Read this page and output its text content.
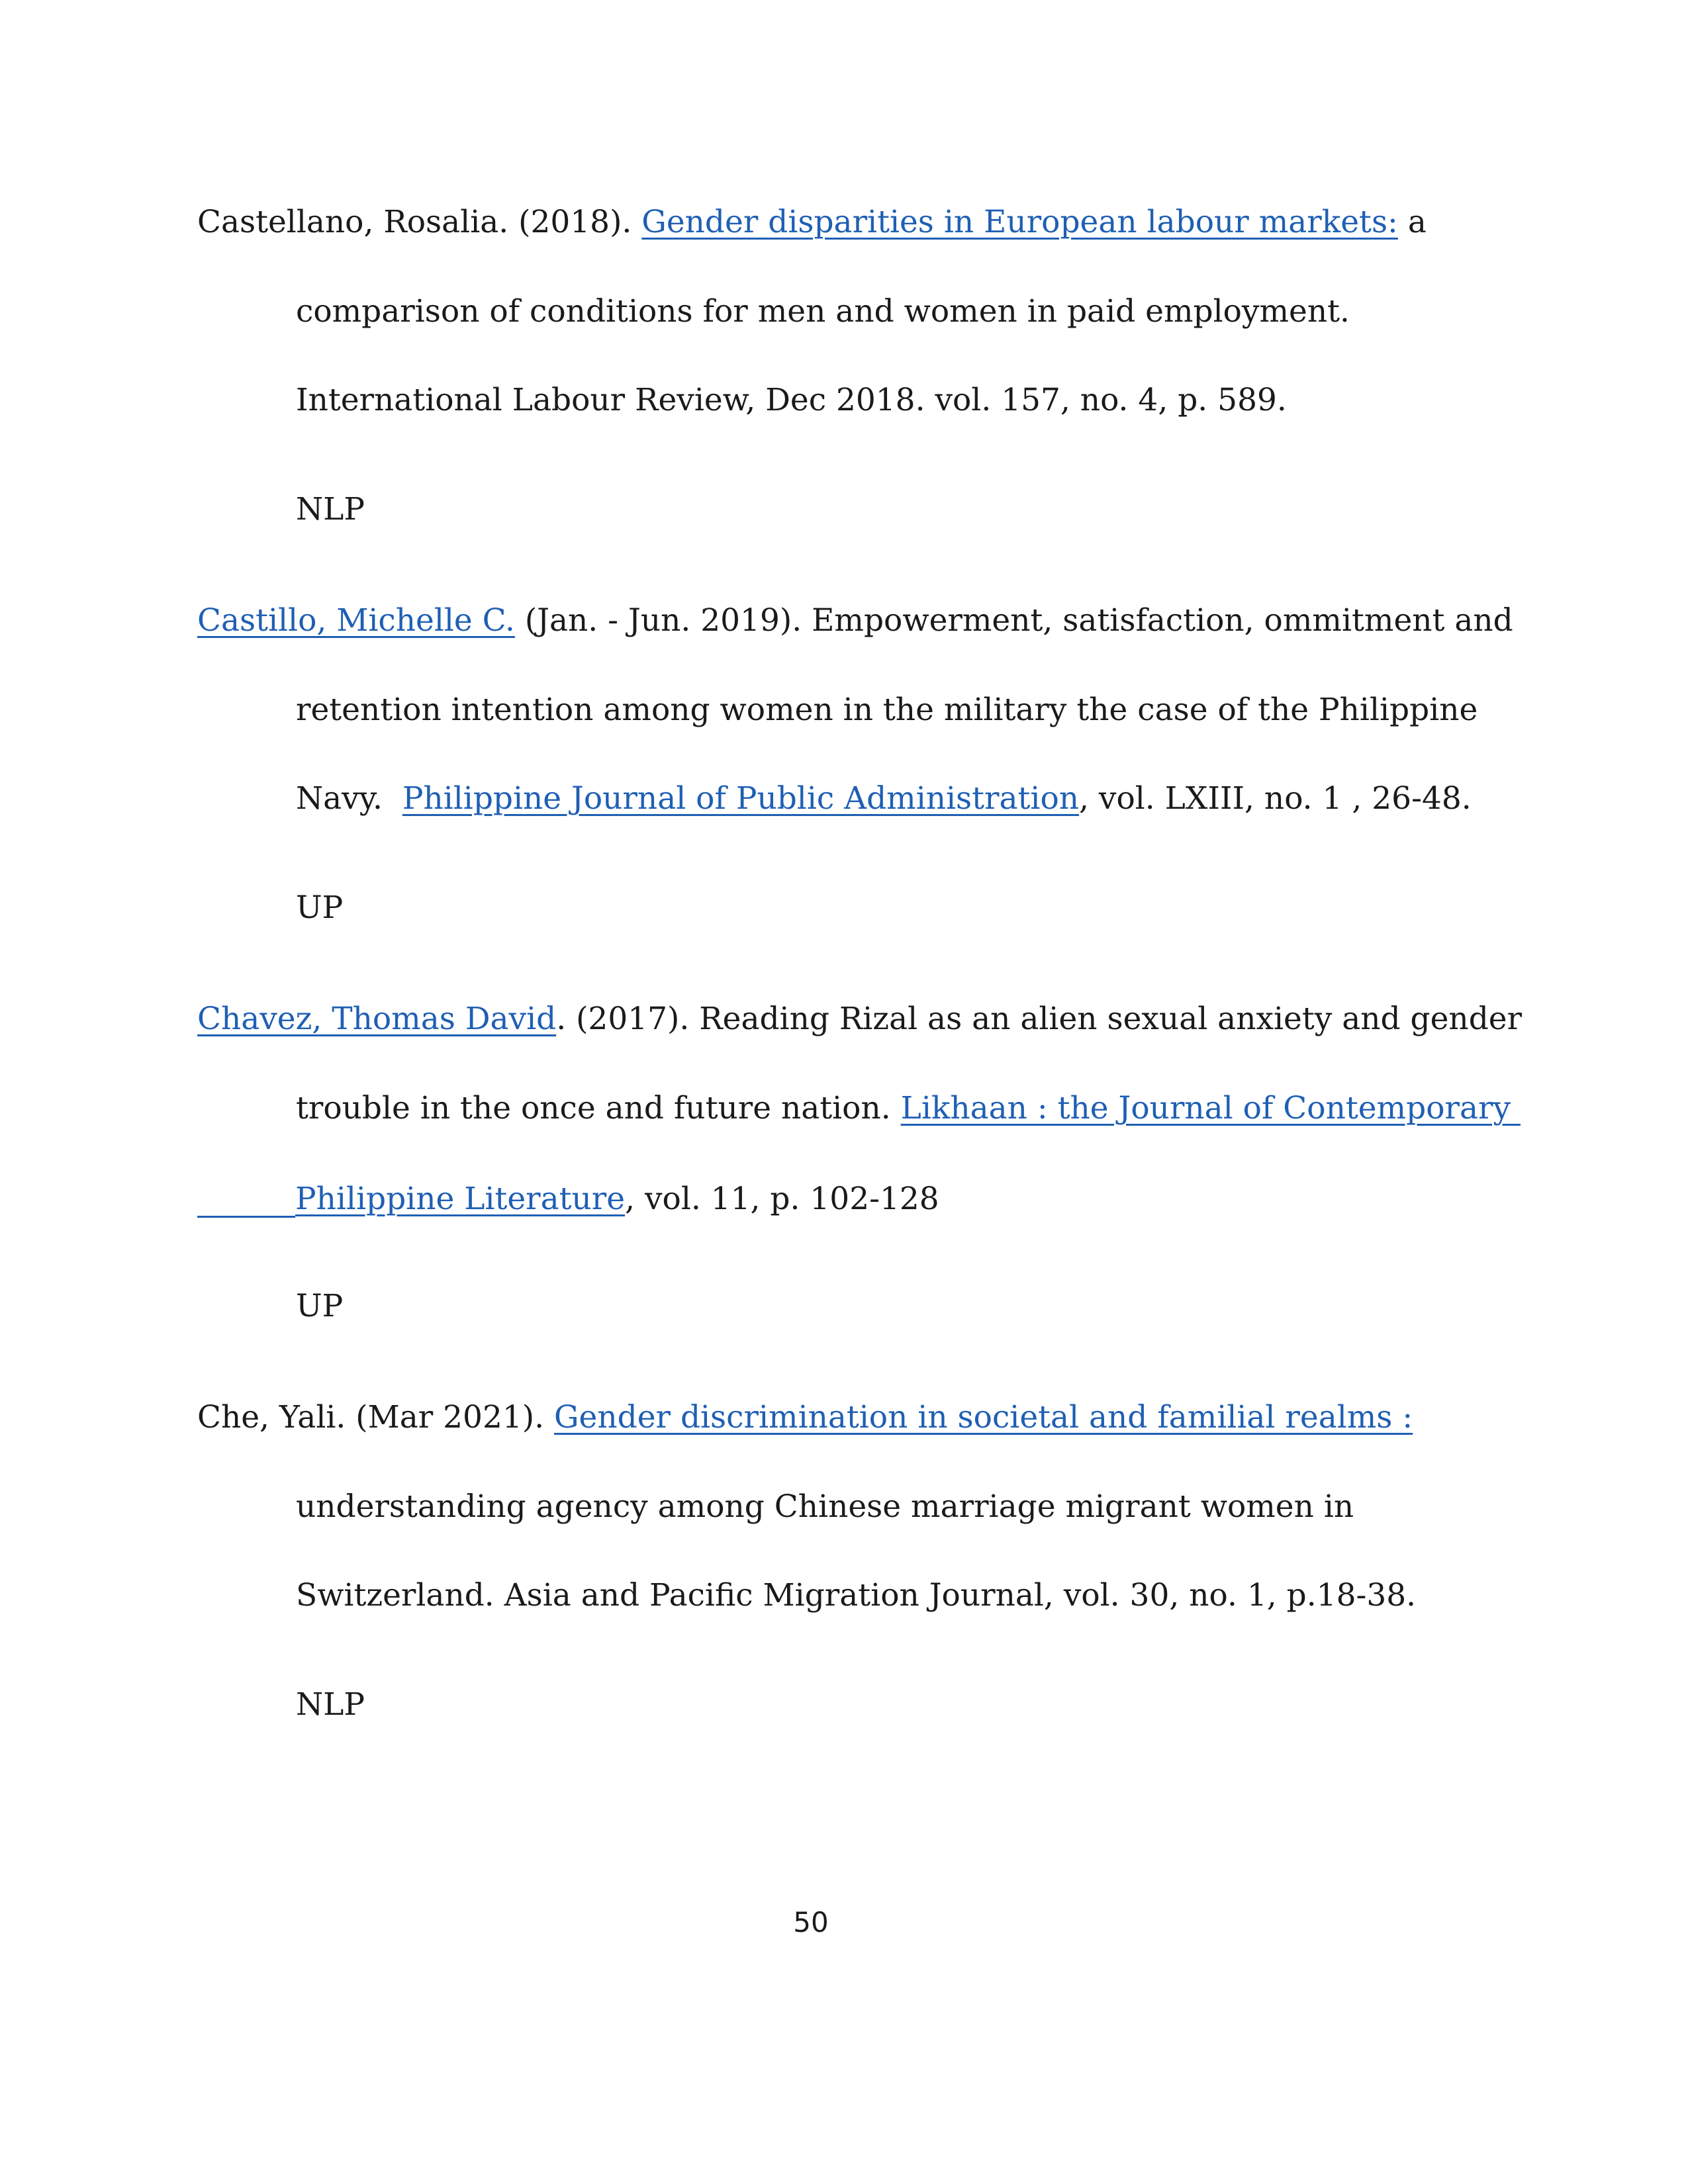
Castellano, Rosalia. (2018). Gender disparities in European labour markets: a
comparison of conditions for men and women in paid employment.
International Labour Review, Dec 2018. vol. 157, no. 4, p. 589.
NLP
Castillo, Michelle C. (Jan. - Jun. 2019). Empowerment, satisfaction, ommitment and
retention intention among women in the military the case of the Philippine
Navy.  Philippine Journal of Public Administration, vol. LXIII, no. 1 , 26-48.
UP
Chavez, Thomas David. (2017). Reading Rizal as an alien sexual anxiety and gender
trouble in the once and future nation. Likhaan : the Journal of Contemporary
Philippine Literature, vol. 11, p. 102-128
UP
Che, Yali. (Mar 2021). Gender discrimination in societal and familial realms :
understanding agency among Chinese marriage migrant women in
Switzerland. Asia and Pacific Migration Journal, vol. 30, no. 1, p.18-38.
NLP
50
